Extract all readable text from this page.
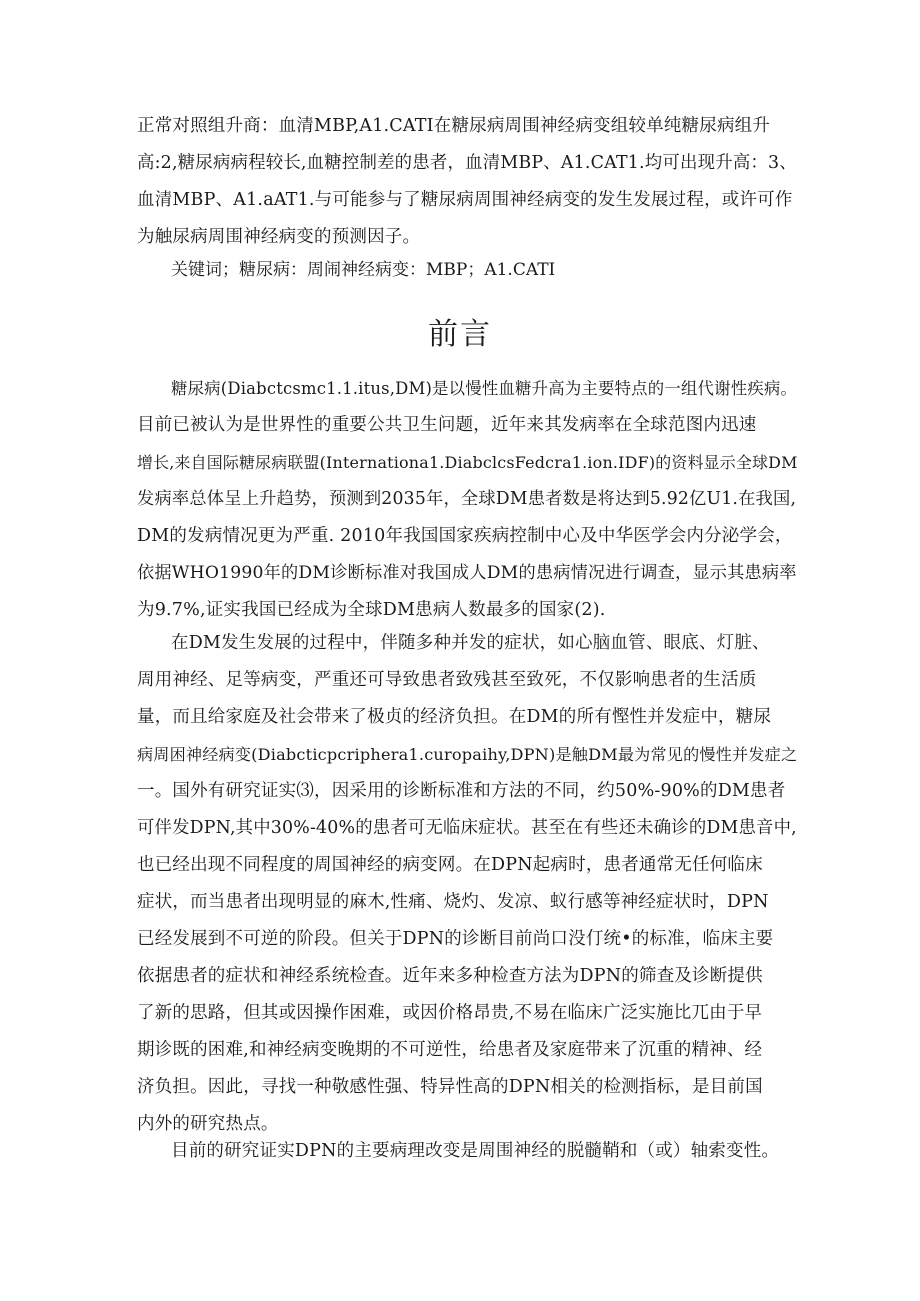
正常对照组升商：血清MBP,A1.CATI在糖尿病周围神经病变组较单纯糖尿病组升
高:2,糖尿病病程较长,血糖控制差的患者，血清MBP、A1.CAT1.均可出现升高：3、
血清MBP、A1.aAT1.与可能参与了糖尿病周围神经病变的发生发展过程，或许可作
为触尿病周围神经病变的预测因子。
关键词；糖尿病：周闹神经病变：MBP；A1.CATI
前言
糖尿病(Diabctcsmc1.1.itus,DM)是以慢性血糖升高为主要特点的一组代谢性疾病。
目前已被认为是世界性的重要公共卫生问题，近年来其发病率在全球范图内迅速
增长,来自国际糖尿病联盟(Internationa1.DiabclcsFedcra1.ion.IDF)的资料显示全球DM
发病率总体呈上升趋势，预测到2035年，全球DM患者数是将达到5.92亿U1.在我国,
DM的发病情况更为严重. 2010年我国国家疾病控制中心及中华医学会内分泌学会，
依据WHO1990年的DM诊断标准对我国成人DM的患病情况进行调查，显示其患病率
为9.7%,证实我国已经成为全球DM患病人数最多的国家(2).
在DM发生发展的过程中，伴随多种并发的症状，如心脑血管、眼底、灯脏、
周用神经、足等病变，严重还可导致患者致残甚至致死，不仅影响患者的生活质
量，而且给家庭及社会带来了极贞的经济负担。在DM的所有慳性并发症中，糖尿
病周困神经病变(Diabcticpcriphera1.curopaihy,DPN)是触DM最为常见的慢性并发症之
一。国外有研究证实⑶，因采用的诊断标准和方法的不同，约50%-90%的DM患者
可伴发DPN,其中30%-40%的患者可无临床症状。甚至在有些还未确诊的DM患音中,
也已经出现不同程度的周国神经的病变网。在DPN起病时，患者通常无任何临床
症状，而当患者出现明显的麻木,性痛、烧灼、发凉、蚁行感等神经症状时，DPN
已经发展到不可逆的阶段。但关于DPN的诊断目前尚口没仃统•的标准，临床主要
依据患者的症状和神经系统检查。近年来多种检查方法为DPN的筛查及诊断提供
了新的思路，但其或因操作困难，或因价格昂贵,不易在临床广泛实施比兀由于早
期诊既的困难,和神经病变晚期的不可逆性，给患者及家庭带来了沉重的精神、经
济负担。因此，寻找一种敬感性强、特异性高的DPN相关的检测指标，是目前国
内外的研究热点。
目前的研究证实DPN的主要病理改变是周围神经的脱髓鞘和（或）轴索变性。
